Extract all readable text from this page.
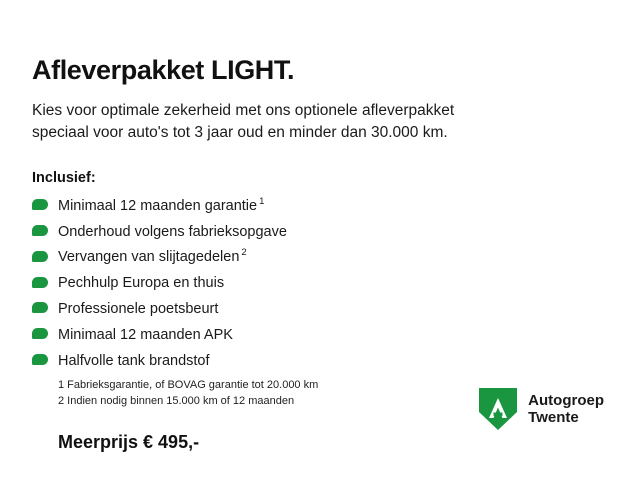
Afleverpakket LIGHT.

Kies voor optimale zekerheid met ons optionele afleverpakket
speciaal voor auto's tot 3 jaar oud en minder dan 30.000 km.

Inclusief:
Minimaal 12 maanden garantie $^1$
Onderhoud volgens fabrieksopgave
Vervangen van slijtagedelen $^2$
Pechhulp Europa en thuis
Professionele poetsbeurt
Minimaal 12 maanden APK
Halfvolle tank brandstof
1 Fabrieksgarantie, of BOVAG garantie tot 20.000 km
2 Indien nodig binnen 15.000 km of 12 maanden
Meerprijs € 495,-
Autogroep
Twente
